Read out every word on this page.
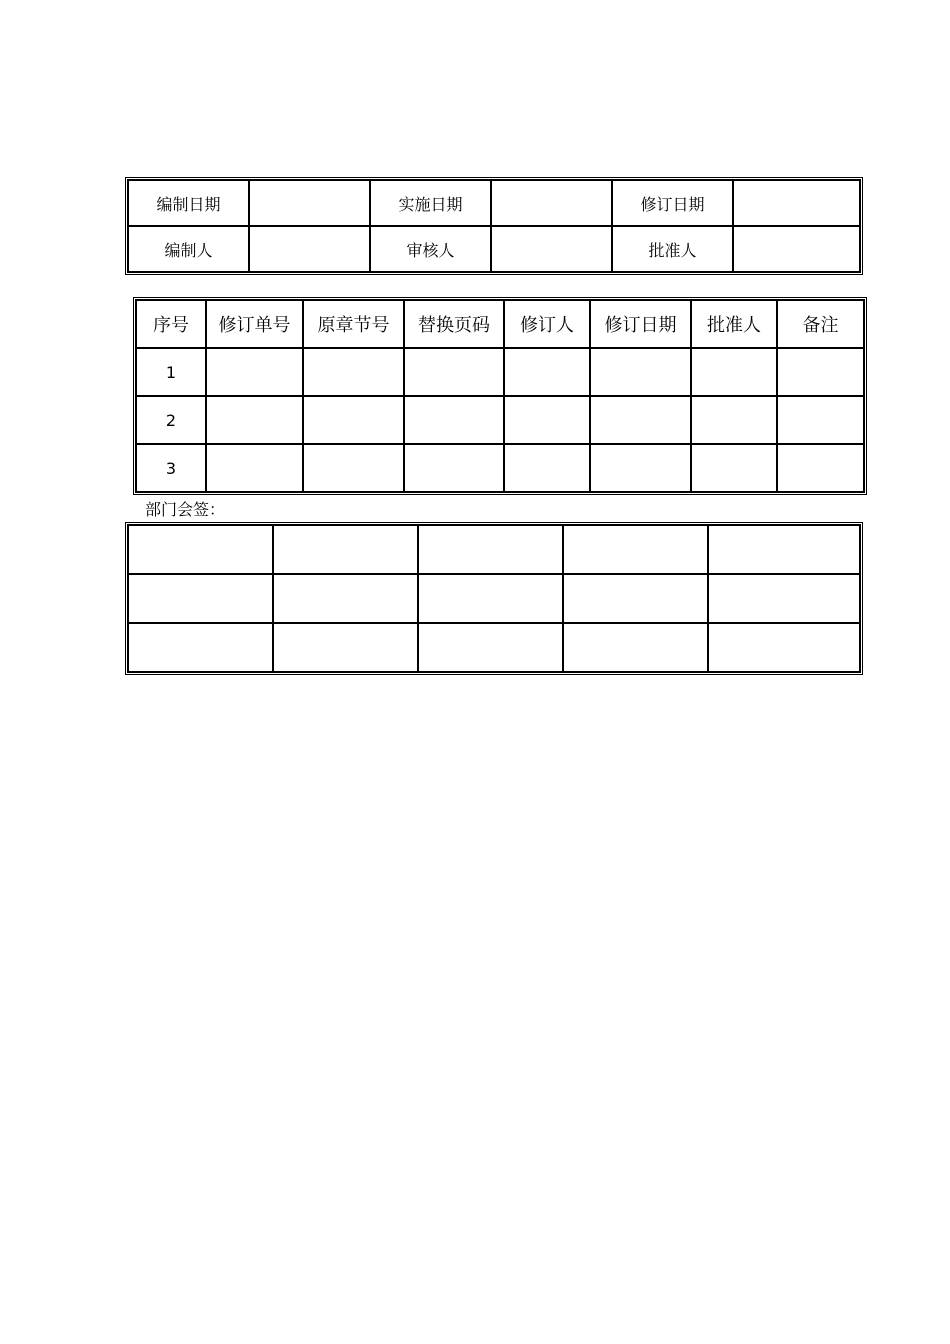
编制日期		实施日期		修订日期	
编制人		审核人		批准人	
序号	修订单号	原章节号	替换页码	修订人	修订日期	批准人	备注
1							
2							
3							
部门会签：
